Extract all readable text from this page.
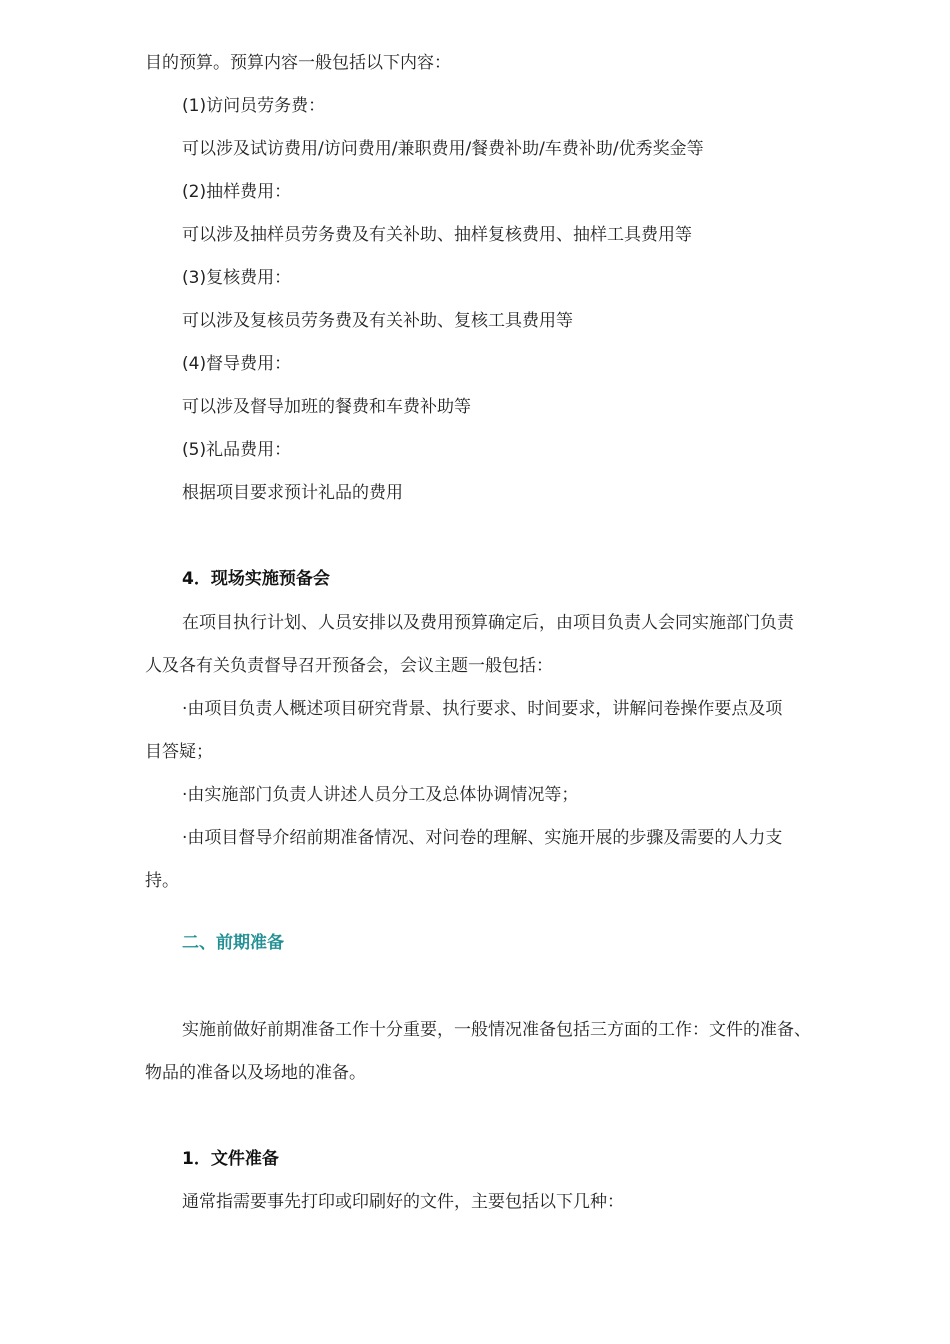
目的预算。预算内容一般包括以下内容：

(1)访问员劳务费：

可以涉及试访费用/访问费用/兼职费用/餐费补助/车费补助/优秀奖金等

(2)抽样费用：

可以涉及抽样员劳务费及有关补助、抽样复核费用、抽样工具费用等

(3)复核费用：

可以涉及复核员劳务费及有关补助、复核工具费用等

(4)督导费用：

可以涉及督导加班的餐费和车费补助等

(5)礼品费用：

根据项目要求预计礼品的费用

4．现场实施预备会

在项目执行计划、人员安排以及费用预算确定后，由项目负责人会同实施部门负责

人及各有关负责督导召开预备会，会议主题一般包括：

·由项目负责人概述项目研究背景、执行要求、时间要求，讲解问卷操作要点及项

目答疑；

·由实施部门负责人讲述人员分工及总体协调情况等；

·由项目督导介绍前期准备情况、对问卷的理解、实施开展的步骤及需要的人力支

持。

二、前期准备

实施前做好前期准备工作十分重要，一般情况准备包括三方面的工作：文件的准备、

物品的准备以及场地的准备。

1．文件准备

通常指需要事先打印或印刷好的文件，主要包括以下几种：
